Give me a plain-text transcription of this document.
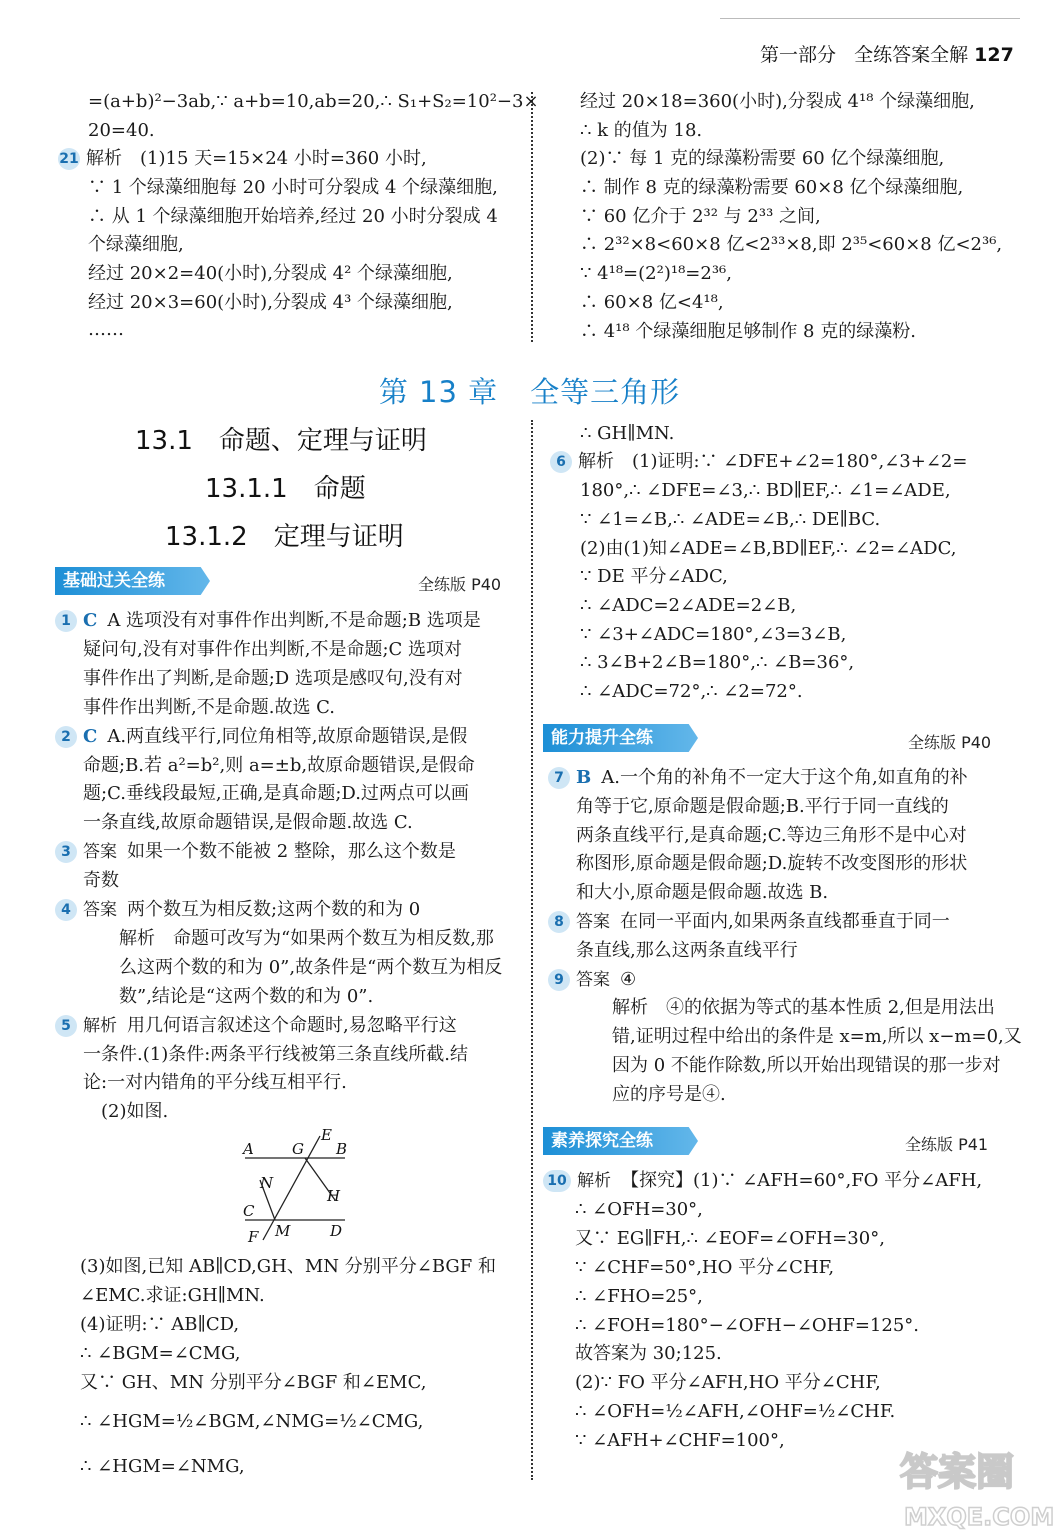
第一部分 全练答案全解 127
=(a+b)²−3ab,∵ a+b=10,ab=20,∴ S₁+S₂=10²−3×
20=40.
21 解析　(1)15 天=15×24 小时=360 小时,
∵ 1 个绿藻细胞每 20 小时可分裂成 4 个绿藻细胞,
∴ 从 1 个绿藻细胞开始培养,经过 20 小时分裂成 4
个绿藻细胞,
经过 20×2=40(小时),分裂成 4² 个绿藻细胞,
经过 20×3=60(小时),分裂成 4³ 个绿藻细胞,
……
经过 20×18=360(小时),分裂成 4¹⁸ 个绿藻细胞,
∴ k 的值为 18.
(2)∵ 每 1 克的绿藻粉需要 60 亿个绿藻细胞,
∴ 制作 8 克的绿藻粉需要 60×8 亿个绿藻细胞,
∵ 60 亿介于 2³² 与 2³³ 之间,
∴ 2³²×8<60×8 亿<2³³×8,即 2³⁵<60×8 亿<2³⁶,
∵ 4¹⁸=(2²)¹⁸=2³⁶,
∴ 60×8 亿<4¹⁸,
∴ 4¹⁸ 个绿藻细胞足够制作 8 克的绿藻粉.
第 13 章 全等三角形
13.1　命题、定理与证明
13.1.1　命题
13.1.2　定理与证明
基础过关全练	全练版 P40
1 C A 选项没有对事件作出判断,不是命题;B 选项是
疑问句,没有对事件作出判断,不是命题;C 选项对
事件作出了判断,是命题;D 选项是感叹句,没有对
事件作出判断,不是命题.故选 C.
2 C A.两直线平行,同位角相等,故原命题错误,是假
命题;B.若 a²=b²,则 a=±b,故原命题错误,是假命
题;C.垂线段最短,正确,是真命题;D.过两点可以画
一条直线,故原命题错误,是假命题.故选 C.
3 答案 如果一个数不能被 2 整除，那么这个数是
奇数
4 答案 两个数互为相反数;这两个数的和为 0
　　解析　命题可改写为“如果两个数互为相反数,那
　　么这两个数的和为 0”,故条件是“两个数互为相反
　　数”,结论是“这两个数的和为 0”.
5 解析 用几何语言叙述这个命题时,易忽略平行这
一条件.(1)条件:两条平行线被第三条直线所截.结
论:一对内错角的平分线互相平行.
　(2)如图.
A	G
E
B
N
H
C
F M	D
(3)如图,已知 AB∥CD,GH、MN 分别平分∠BGF 和
∠EMC.求证:GH∥MN.
(4)证明:∵ AB∥CD,
∴ ∠BGM=∠CMG,
又∵ GH、MN 分别平分∠BGF 和∠EMC,
∴ ∠HGM=½∠BGM,∠NMG=½∠CMG,
∴ ∠HGM=∠NMG,
∴ GH∥MN.
6 解析　(1)证明:∵ ∠DFE+∠2=180°,∠3+∠2=
180°,∴ ∠DFE=∠3,∴ BD∥EF,∴ ∠1=∠ADE,
∵ ∠1=∠B,∴ ∠ADE=∠B,∴ DE∥BC.
(2)由(1)知∠ADE=∠B,BD∥EF,∴ ∠2=∠ADC,
∵ DE 平分∠ADC,
∴ ∠ADC=2∠ADE=2∠B,
∵ ∠3+∠ADC=180°,∠3=3∠B,
∴ 3∠B+2∠B=180°,∴ ∠B=36°,
∴ ∠ADC=72°,∴ ∠2=72°.
能力提升全练	全练版 P40
7 B A.一个角的补角不一定大于这个角,如直角的补
角等于它,原命题是假命题;B.平行于同一直线的
两条直线平行,是真命题;C.等边三角形不是中心对
称图形,原命题是假命题;D.旋转不改变图形的形状
和大小,原命题是假命题.故选 B.
8 答案 在同一平面内,如果两条直线都垂直于同一
条直线,那么这两条直线平行
9 答案 ④
　　解析　④的依据为等式的基本性质 2,但是用法出
　　错,证明过程中给出的条件是 x=m,所以 x−m=0,又
　　因为 0 不能作除数,所以开始出现错误的那一步对
　　应的序号是④.
素养探究全练	全练版 P41
10 解析 【探究】(1)∵ ∠AFH=60°,FO 平分∠AFH,
∴ ∠OFH=30°,
又∵ EG∥FH,∴ ∠EOF=∠OFH=30°,
∵ ∠CHF=50°,HO 平分∠CHF,
∴ ∠FHO=25°,
∴ ∠FOH=180°−∠OFH−∠OHF=125°.
故答案为 30;125.
(2)∵ FO 平分∠AFH,HO 平分∠CHF,
∴ ∠OFH=½∠AFH,∠OHF=½∠CHF.
∵ ∠AFH+∠CHF=100°,
答案圈
MXQE.COM
